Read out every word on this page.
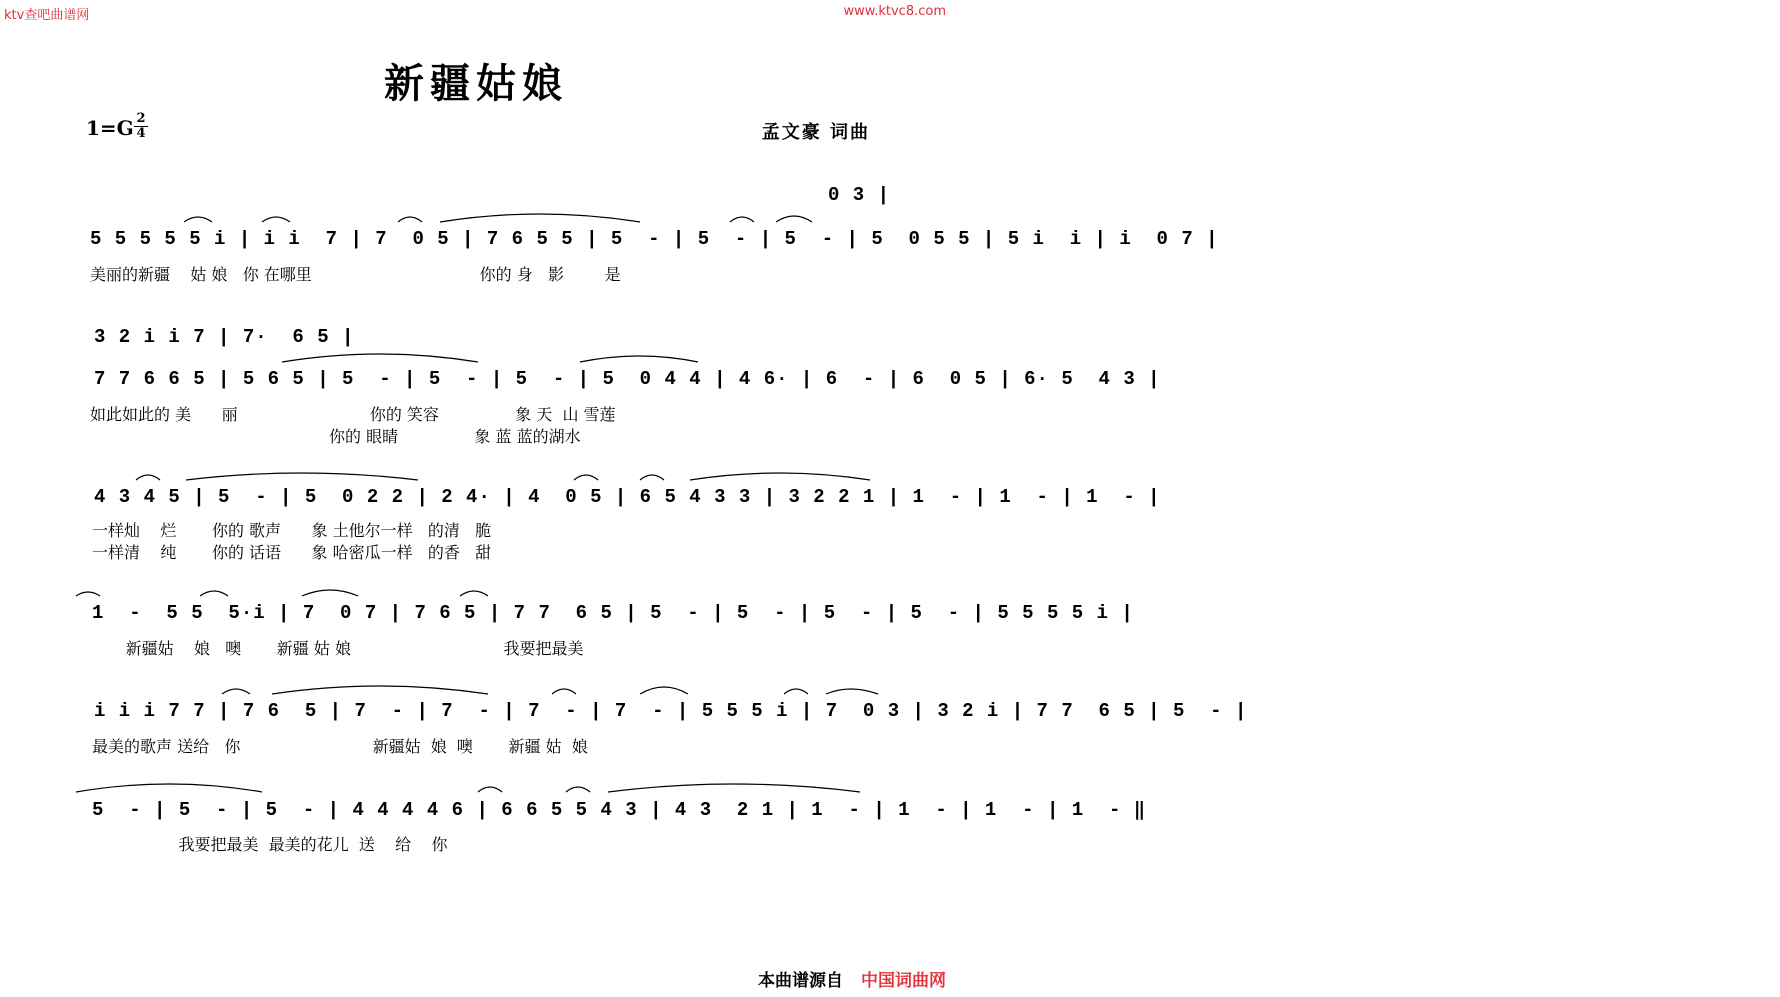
ktv查吧曲谱网	www.ktvc8.com
新疆姑娘
1=G 2
4	孟文豪 词曲
0 3 |
5 5 5 5 5 i | i i  7 | 7  0 5 | 7 6 5 5 | 5  - | 5  - | 5  - | 5  0 5 5 | 5 i  i | i  0 7 |
美丽的新疆    姑 娘   你 在哪里                                 你的 身   影        是
3 2 i i 7 | 7·  6 5 |
7 7 6 6 5 | 5 6 5 | 5  - | 5  - | 5  - | 5  0 4 4 | 4 6· | 6  - | 6  0 5 | 6· 5  4 3 |
如此如此的 美      丽                          你的 笑容               象 天  山 雪莲
你的 眼睛               象 蓝 蓝的湖水
4 3 4 5 | 5  - | 5  0 2 2 | 2 4· | 4  0 5 | 6 5 4 3 3 | 3 2 2 1 | 1  - | 1  - | 1  - |
一样灿    烂       你的 歌声      象 土他尔一样   的清   脆
一样清    纯       你的 话语      象 哈密瓜一样   的香   甜
1  -  5 5  5·i | 7  0 7 | 7 6 5 | 7 7  6 5 | 5  - | 5  - | 5  - | 5  - | 5 5 5 5 i |
新疆姑    娘   噢       新疆 姑 娘                              我要把最美
i i i 7 7 | 7 6  5 | 7  - | 7  - | 7  - | 7  - | 5 5 5 i | 7  0 3 | 3 2 i | 7 7  6 5 | 5  - |
最美的歌声 送给   你                          新疆姑  娘  噢       新疆 姑  娘
5  - | 5  - | 5  - | 4 4 4 4 6 | 6 6 5 5 4 3 | 4 3  2 1 | 1  - | 1  - | 1  - | 1  - ‖
我要把最美  最美的花儿  送    给    你
本曲谱源自 中国词曲网
